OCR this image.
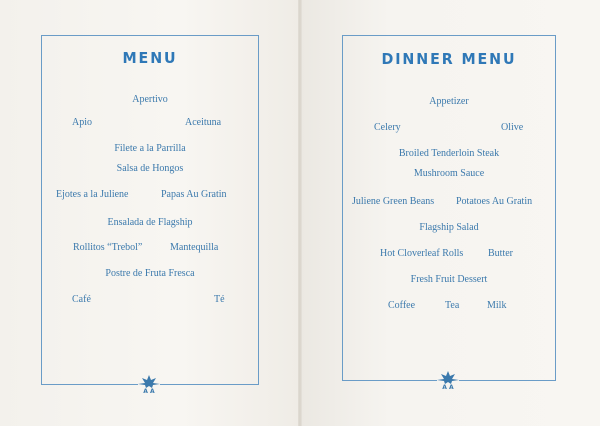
MENU
Apertivo
Apio	Aceituna
Filete a la Parrilla
Salsa de Hongos
Ejotes a la Juliene	Papas Au Gratin
Ensalada de Flagship
Rollitos “Trebol”	Mantequilla
Postre de Fruta Fresca
Café	Té
DINNER MENU
Appetizer
Celery	Olive
Broiled Tenderloin Steak
Mushroom Sauce
Juliene Green Beans Potatoes Au Gratin
Flagship Salad
Hot Cloverleaf Rolls Butter
Fresh Fruit Dessert
Coffee	Tea	Milk
A A
A A
